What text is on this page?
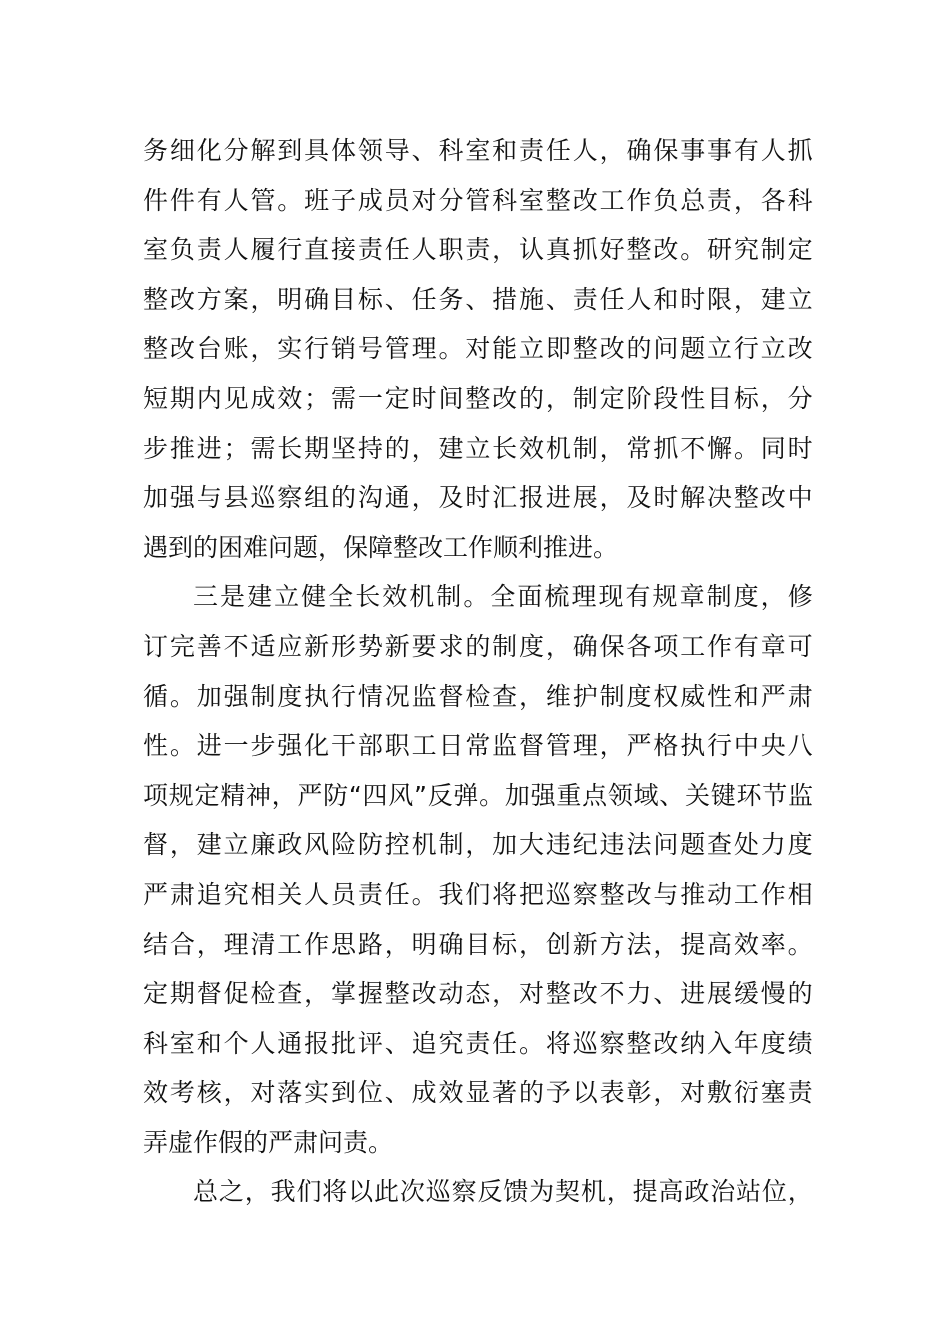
务 细 化 分 解 到 具 体 领 导 、 科 室 和 责 任 人 ， 确 保 事 事 有 人 抓
件 件 有 人 管 。 班 子 成 员 对 分 管 科 室 整 改 工 作 负 总 责 ， 各 科
室 负 责 人 履 行 直 接 责 任 人 职 责 ， 认 真 抓 好 整 改 。 研 究 制 定
整 改 方 案 ， 明 确 目 标 、 任 务 、 措 施 、 责 任 人 和 时 限 ， 建 立
整 改 台 账 ， 实 行 销 号 管 理 。 对 能 立 即 整 改 的 问 题 立 行 立 改
短 期 内 见 成 效 ； 需 一 定 时 间 整 改 的 ， 制 定 阶 段 性 目 标 ， 分
步 推 进 ； 需 长 期 坚 持 的 ， 建 立 长 效 机 制 ， 常 抓 不 懈 。 同 时
加 强 与 县 巡 察 组 的 沟 通 ， 及 时 汇 报 进 展 ， 及 时 解 决 整 改 中
遇到的困难问题，保障整改工作顺利推进。
三 是 建 立 健 全 长 效 机 制 。 全 面 梳 理 现 有 规 章 制 度 ， 修
订 完 善 不 适 应 新 形 势 新 要 求 的 制 度 ， 确 保 各 项 工 作 有 章 可
循 。 加 强 制 度 执 行 情 况 监 督 检 查 ， 维 护 制 度 权 威 性 和 严 肃
性 。 进 一 步 强 化 干 部 职 工 日 常 监 督 管 理 ， 严 格 执 行 中 央 八
项 规 定 精 神 ， 严 防 “ 四 风 ” 反 弹 。 加 强 重 点 领 域 、 关 键 环 节 监
督 ， 建 立 廉 政 风 险 防 控 机 制 ， 加 大 违 纪 违 法 问 题 查 处 力 度
严 肃 追 究 相 关 人 员 责 任 。 我 们 将 把 巡 察 整 改 与 推 动 工 作 相
结 合 ， 理 清 工 作 思 路 ， 明 确 目 标 ， 创 新 方 法 ， 提 高 效 率 。
定 期 督 促 检 查 ， 掌 握 整 改 动 态 ， 对 整 改 不 力 、 进 展 缓 慢 的
科 室 和 个 人 通 报 批 评 、 追 究 责 任 。 将 巡 察 整 改 纳 入 年 度 绩
效 考 核 ， 对 落 实 到 位 、 成 效 显 著 的 予 以 表 彰 ， 对 敷 衍 塞 责
弄虚作假的严肃问责。
总 之 ， 我 们 将 以 此 次 巡 察 反 馈 为 契 机 ， 提 高 政 治 站 位 ，
